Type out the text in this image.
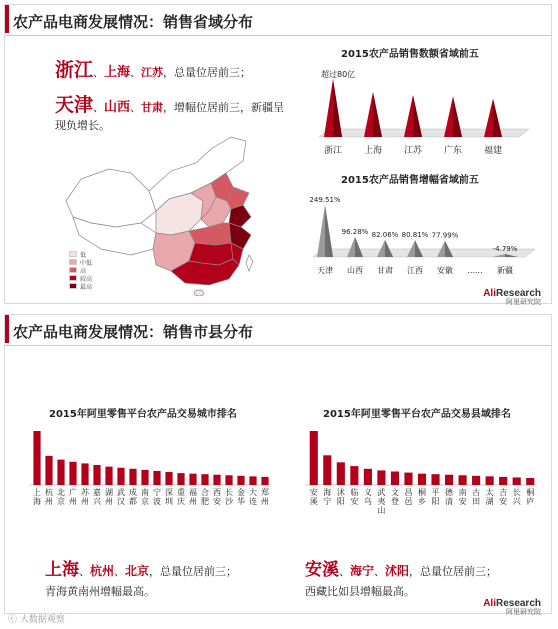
农产品电商发展情况：销售省域分布
浙江、上海、江苏，总量位居前三；
天津、山西、甘肃，增幅位居前三，新疆呈
现负增长。
低
中低
高
较高
最高
2015农产品销售数额省域前五
浙江 上海 江苏 广东 福建
超过80亿
2015农产品销售增幅省域前五
249.51%
天津
96.28%
山西
82.06%
甘肃
80.81%
江西
77.99%
安徽 ......
-4.79%
新疆
AliResearch
阿里研究院
农产品电商发展情况：销售市县分布
2015年阿里零售平台农产品交易城市排名
上
海
杭
州
北
京
广
州
苏
州
嘉
兴
湖
州
武
汉
成
都
南
京
宁
波
深
圳
重
庆
福
州
合
肥
西
安
长
沙
金
华
大
连
郑
州
2015年阿里零售平台农产品交易县域排名
安
溪
海
宁
沭
阳
临
安
义
乌
武
夷
山
文
登
昌
邑
桐
乡
平
阳
德
清
南
安
古
田
太
湖
吉
安
长
兴
桐
庐
上海、杭州、北京，总量位居前三；
青海黄南州增幅最高。
安溪、海宁、沭阳，总量位居前三；
西藏比如县增幅最高。
AliResearch
阿里研究院
ⓒ 大数据观察
